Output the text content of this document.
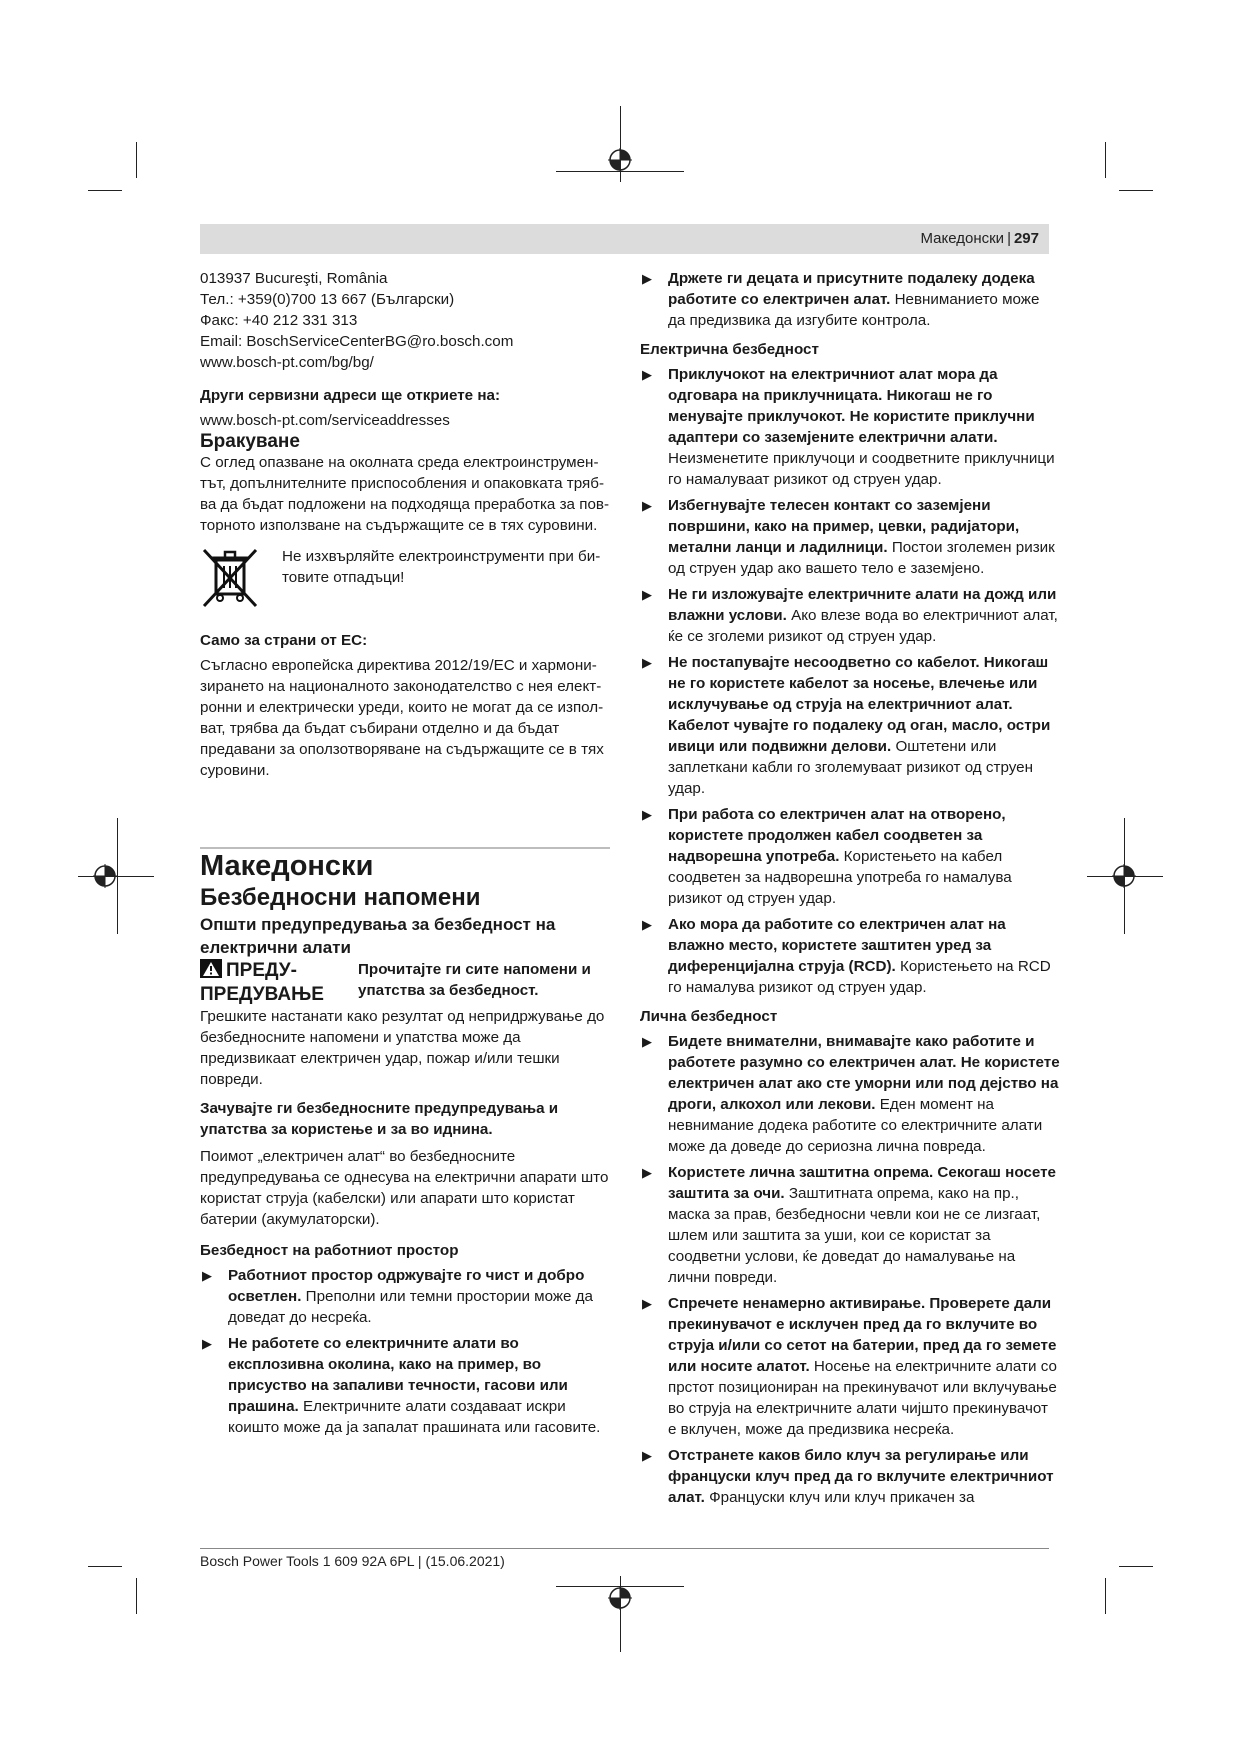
Македонски | 297

013937 Bucureşti, România

Тел.: +359(0)700 13 667 (Български)

Факс: +40 212 331 313

Email: BoschServiceCenterBG@ro.bosch.com

www.bosch-pt.com/bg/bg/

Други сервизни адреси ще откриете на:

www.bosch-pt.com/serviceaddresses

Бракуване

С оглед опазване на околната среда електроинструментът, допълнителните приспособления и опаковката трябва да бъдат подложени на подходяща преработка за повторното използване на съдържащите се в тях суровини.

Не изхвърляйте електроинструменти при битовите отпадъци!

Само за страни от ЕС:

Съгласно европейска директива 2012/19/ЕС и хармонизирането на националното законодателство с нея електронни и електрически уреди, които не могат да се изполват, трябва да бъдат събирани отделно и да бъдат предавани за оползотворяване на съдържащите се в тях суровини.

Македонски

Безбедносни напомени

Општи предупредувања за безбедност на електрични алати

ПРЕДУПРЕДУВАЊЕ
Прочитајте ги сите напомени и упатства за безбедност.

Грешките настанати како резултат од непридржување до безбедносните напомени и упатства може да предизвикаат електричен удар, пожар и/или тешки повреди.

Зачувајте ги безбедносните предупредувања и упатства за користење и за во иднина.

Поимот „електричен алат“ во безбедносните предупредувања се однесува на електрични апарати што користат струја (кабелски) или апарати што користат батерии (акумулаторски).

Безбедност на работниот простор

▶	Работниот простор одржувајте го чист и добро осветлен. Преполни или темни простории може да доведат до несреќа.
▶	Не работете со електричните алати во експлозивна околина, како на пример, во присуство на запаливи течности, гасови или прашина. Електричните алати создаваат искри коишто може да ја запалат прашината или гасовите.
▶	Држете ги децата и присутните подалеку додека работите со електричен алат. Невниманието може да предизвика да изгубите контрола.

Електрична безбедност

▶	Приклучокот на електричниот алат мора да одговара на приклучницата. Никогаш не го менувајте приклучокот. Не користите приклучни адаптери со заземјените електрични алати. Неизменетите приклучоци и соодветните приклучници го намалуваат ризикот од струен удар.
▶	Избегнувајте телесен контакт со заземјени површини, како на пример, цевки, радијатори, метални ланци и ладилници. Постои зголемен ризик од струен удар ако вашето тело е заземјено.
▶	Не ги изложувајте електричните алати на дожд или влажни услови. Ако влезе вода во електричниот алат, ќе се зголеми ризикот од струен удар.
▶	Не постапувајте несоодветно со кабелот. Никогаш не го користете кабелот за носење, влечење или исклучување од струја на електричниот алат. Кабелот чувајте го подалеку од оган, масло, остри ивици или подвижни делови. Оштетени или заплеткани кабли го зголемуваат ризикот од струен удар.
▶	При работа со електричен алат на отворено, користете продолжен кабел соодветен за надворешна употреба. Користењето на кабел соодветен за надворешна употреба го намалува ризикот од струен удар.
▶	Ако мора да работите со електричен алат на влажно место, користете заштитен уред за диференцијална струја (RCD). Користењето на RCD го намалува ризикот од струен удар.

Лична безбедност

▶	Бидете внимателни, внимавајте како работите и работете разумно со електричен алат. Не користете електричен алат ако сте уморни или под дејство на дроги, алкохол или лекови. Еден момент на невнимание додека работите со електричните алати може да доведе до сериозна лична повреда.
▶	Користете лична заштитна опрема. Секогаш носете заштита за очи. Заштитната опрема, како на пр., маска за прав, безбедносни чевли кои не се лизгаат, шлем или заштита за уши, кои се користат за соодветни услови, ќе доведат до намалување на лични повреди.
▶	Спречете ненамерно активирање. Проверете дали прекинувачот е исклучен пред да го вклучите во струја и/или со сетот на батерии, пред да го земете или носите алатот. Носење на електричните алати со прстот позициониран на прекинувачот или вклучување во струја на електричните алати чијшто прекинувачот е вклучен, може да предизвика несреќа.
▶	Отстранете каков било клуч за регулирање или француски клуч пред да го вклучите електричниот алат. Француски клуч или клуч прикачен за
Bosch Power Tools 1 609 92A 6PL | (15.06.2021)
